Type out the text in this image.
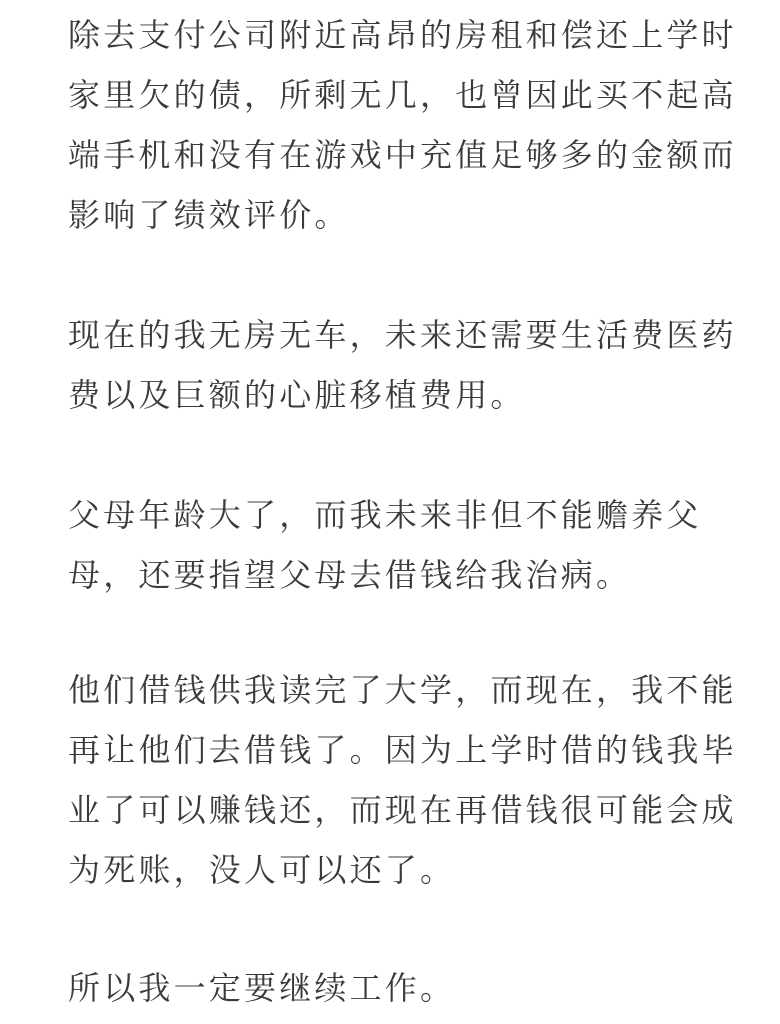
除去支付公司附近高昂的房租和偿还上学时

家里欠的债，所剩无几，也曾因此买不起高

端手机和没有在游戏中充值足够多的金额而

影响了绩效评价。

现在的我无房无车，未来还需要生活费医药

费以及巨额的心脏移植费用。

父母年龄大了，而我未来非但不能赡养父

母，还要指望父母去借钱给我治病。

他们借钱供我读完了大学，而现在，我不能

再让他们去借钱了。因为上学时借的钱我毕

业了可以赚钱还，而现在再借钱很可能会成

为死账，没人可以还了。

所以我一定要继续工作。
